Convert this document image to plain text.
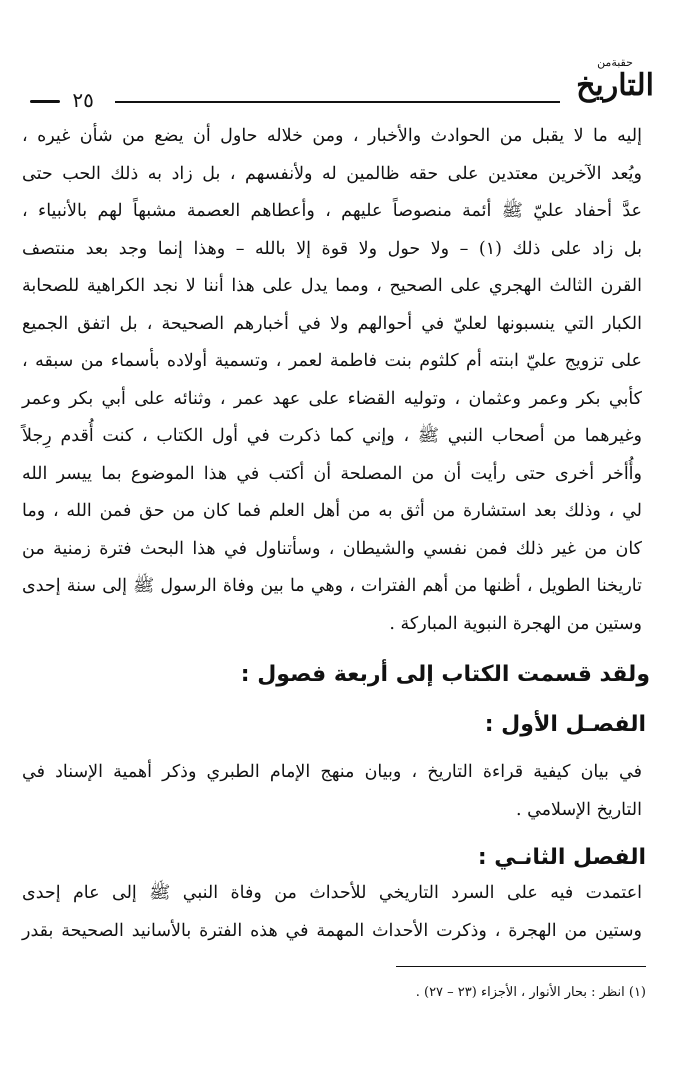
٢٥
حقبةمن
التاريخ

إليه ما لا يقبل من الحوادث والأخبار ، ومن خلاله حاول أن يضع من شأن غيره ،

ويُعد الآخرين معتدين على حقه ظالمين له ولأنفسهم ، بل زاد به ذلك الحب حتى

عدَّ أحفاد عليّ ﷺ أئمة منصوصاً عليهم ، وأعطاهم العصمة مشبهاً لهم بالأنبياء ،

بل زاد على ذلك (١) – ولا حول ولا قوة إلا بالله – وهذا إنما وجد بعد منتصف

القرن الثالث الهجري على الصحيح ، ومما يدل على هذا أننا لا نجد الكراهية للصحابة

الكبار التي ينسبونها لعليّ في أحوالهم ولا في أخبارهم الصحيحة ، بل اتفق الجميع

على تزويج عليّ ابنته أم كلثوم بنت فاطمة لعمر ، وتسمية أولاده بأسماء من سبقه ،

كأبي بكر وعمر وعثمان ، وتوليه القضاء على عهد عمر ، وثنائه على أبي بكر وعمر

وغيرهما من أصحاب النبي ﷺ ، وإني كما ذكرت في أول الكتاب ، كنت أُقدم رِجلاً

وأُأخر أخرى حتى رأيت أن من المصلحة أن أكتب في هذا الموضوع بما ييسر الله

لي ، وذلك بعد استشارة من أثق به من أهل العلم فما كان من حق فمن الله ، وما

كان من غير ذلك فمن نفسي والشيطان ، وسأتناول في هذا البحث فترة زمنية من

تاريخنا الطويل ، أظنها من أهم الفترات ، وهي ما بين وفاة الرسول ﷺ إلى سنة إحدى

وستين من الهجرة النبوية المباركة .

ولقد قسمت الكتاب إلى أربعة فصول :
الفصـل الأول :

في بيان كيفية قراءة التاريخ ، وبيان منهج الإمام الطبري وذكر أهمية الإسناد في

التاريخ الإسلامي .

الفصل الثانـي :

اعتمدت فيه على السرد التاريخي للأحداث من وفاة النبي ﷺ إلى عام إحدى

وستين من الهجرة ، وذكرت الأحداث المهمة في هذه الفترة بالأسانيد الصحيحة بقدر

(١) انظر : بحار الأنوار ، الأجزاء (٢٣ – ٢٧) .
